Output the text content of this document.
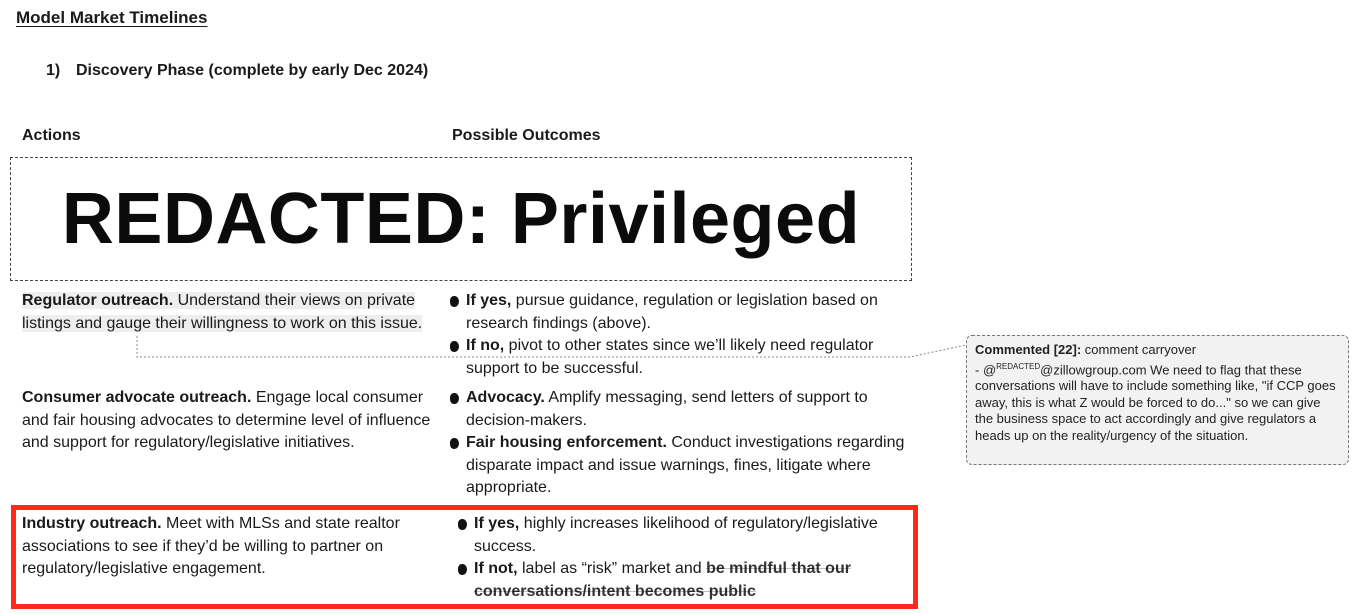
Model Market Timelines
1) Discovery Phase (complete by early Dec 2024)
Actions	Possible Outcomes
REDACTED: Privileged
Regulator outreach. Understand their views on private listings and gauge their willingness to work on this issue.
If yes, pursue guidance, regulation or legislation based on research findings (above).
If no, pivot to other states since we’ll likely need regulator support to be successful.
Consumer advocate outreach. Engage local consumer and fair housing advocates to determine level of influence and support for regulatory/legislative initiatives.
Advocacy. Amplify messaging, send letters of support to decision-makers.
Fair housing enforcement. Conduct investigations regarding disparate impact and issue warnings, fines, litigate where appropriate.
Industry outreach. Meet with MLSs and state realtor associations to see if they’d be willing to partner on regulatory/legislative engagement.
If yes, highly increases likelihood of regulatory/legislative success.
If not, label as “risk” market and be mindful that our conversations/intent becomes public
Commented [22]: comment carryover
- @$^{REDACTED}$@zillowgroup.com We need to flag that these conversations will have to include something like, "if CCP goes away, this is what Z would be forced to do..." so we can give the business space to act accordingly and give regulators a heads up on the reality/urgency of the situation.
